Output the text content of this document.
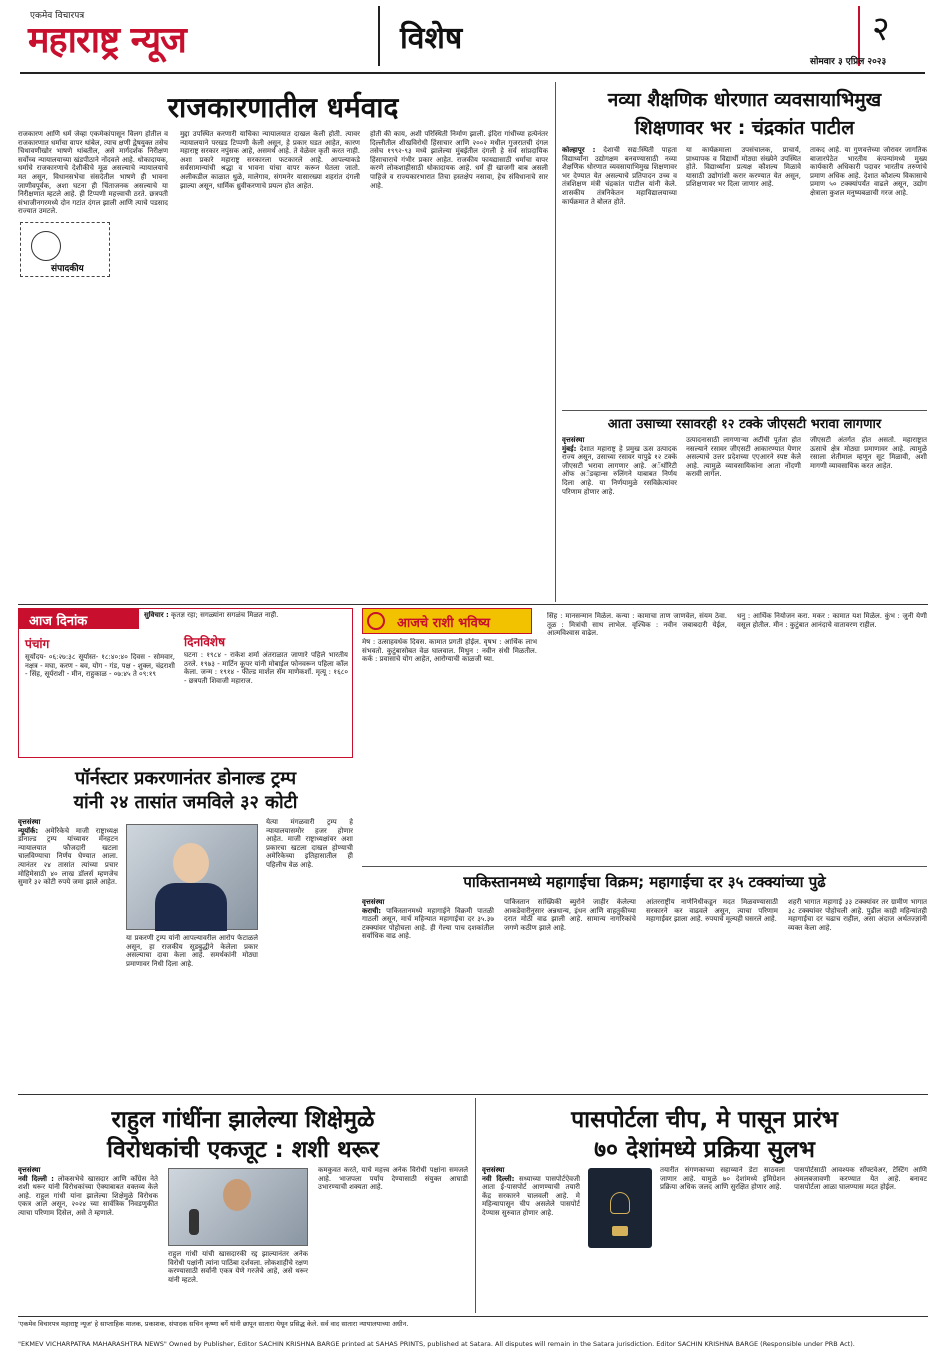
एकमेव विचारपत्र
महाराष्ट्र न्यूज	विशेष	२
सोमवार ३ एप्रिल २०२३
राजकारणातील धर्मवाद
राजकारण आणि धर्म जेव्हा एकमेकांपासून विलग होतील व राजकारणात धर्माचा वापर थांबेल, त्याच क्षणी द्वेषयुक्त तसेच चिथावणीखोर भाषणे थांबतील, असे मार्गदर्शक निरीक्षण सर्वोच्च न्यायालयाच्या खंडपीठाने नोंदवले आहे. धोकादायक, धर्माचे राजकारणाचे देशीकीचे मूळ असल्याचे न्यायालयाचे मत असून, विधानसभेचा संसदेतील भाषणे ही भावना जाणीवपूर्वक, अशा घटना ही चिंताजनक असल्याचे या निरीक्षणात म्हटले आहे. ही टिप्पणी महत्त्वाची ठरते. छत्रपती संभाजीनगरमध्ये दोन गटांत दंगल झाली आणि त्याचे पडसाद राज्यात उमटले.
संपादकीय
मुद्दा उपस्थित करणारी याचिका न्यायालयात दाखल केली होती. त्यावर न्यायालयाने परखड टिप्पणी केली असून, हे प्रकार घडत आहेत, कारण महाराष्ट्र सरकार नपुंसक आहे, असमर्थ आहे. ते वेळेवर कृती करत नाही. अशा प्रकारे महाराष्ट्र सरकारला फटकारले आहे. आपल्याकडे सर्वसामान्यांची श्रद्धा व भावना यांचा वापर करून घेतला जातो. अलीकडील काळात धुळे, मालेगाव, संगमनेर यासारख्या शहरांत दंगली झाल्या असून, धार्मिक ध्रुवीकरणाचे प्रयत्न होत आहेत.
होती की काय, अशी परिस्थिती निर्माण झाली. इंदिरा गांधींच्या हत्येनंतर दिल्लीतील शीखविरोधी हिंसाचार आणि २००२ मधील गुजरातची दंगल तसेच १९९२-९३ मध्ये झालेल्या मुंबईतील दंगली हे सर्व सांप्रदायिक हिंसाचाराचे गंभीर प्रकार आहेत. राजकीय फायद्यासाठी धर्माचा वापर करणे लोकशाहीसाठी धोकादायक आहे. धर्म ही खाजगी बाब असली पाहिजे व राज्यकारभारात तिचा हस्तक्षेप नसावा, हेच संविधानाचे सार आहे.
नव्या शैक्षणिक धोरणात व्यवसायाभिमुख
शिक्षणावर भर : चंद्रकांत पाटील
कोल्हापूर : देशाची सद्य:स्थिती पाहता विद्यार्थ्यांना उद्योगक्षम बनवण्यासाठी नव्या शैक्षणिक धोरणात व्यवसायाभिमुख शिक्षणावर भर देण्यात येत असल्याचे प्रतिपादन उच्च व तंत्रशिक्षण मंत्री चंद्रकांत पाटील यांनी केले. शासकीय तंत्रनिकेतन महाविद्यालयाच्या कार्यक्रमात ते बोलत होते.
या कार्यक्रमाला उपसंचालक, प्राचार्य, प्राध्यापक व विद्यार्थी मोठ्या संख्येने उपस्थित होते. विद्यार्थ्यांना प्रत्यक्ष कौशल्य मिळावे यासाठी उद्योगांशी करार करण्यात येत असून, प्रशिक्षणावर भर दिला जाणार आहे.
ताकद आहे. या गुणवत्तेच्या जोरावर जागतिक बाजारपेठेत भारतीय कंपन्यांमध्ये मुख्य कार्यकारी अधिकारी पदावर भारतीय तरुणांचे प्रमाण अधिक आहे. देशात कौशल्य विकासाचे प्रमाण ५० टक्क्यांपर्यंत वाढले असून, उद्योग क्षेत्राला कुशल मनुष्यबळाची गरज आहे.
आता उसाच्या रसावरही १२ टक्के जीएसटी भरावा लागणार
वृत्तसंस्था
मुंबई: देशात महाराष्ट्र हे प्रमुख ऊस उत्पादक राज्य असून, उसाच्या रसावर यापुढे १२ टक्के जीएसटी भरावा लागणार आहे. अॅथॉरिटी ऑफ अॅडव्हान्स रुलिंगने याबाबत निर्णय दिला आहे. या निर्णयामुळे रसविक्रेत्यांवर परिणाम होणार आहे.
उत्पादनासाठी लागणाऱ्या अटींची पूर्तता होत नसल्याने रसावर जीएसटी आकारण्यात येणार असल्याचे उत्तर प्रदेशच्या एएआरने स्पष्ट केले आहे. त्यामुळे व्यावसायिकांना आता नोंदणी करावी लागेल.
जीएसटी अंतर्गत होत असतो. महाराष्ट्रात ऊसाचे क्षेत्र मोठ्या प्रमाणावर आहे. त्यामुळे रसाला शेतीमाल म्हणून सूट मिळावी, अशी मागणी व्यावसायिक करत आहेत.
आज दिनांक	सुविचार : कृतज्ञ रहा; सगळ्यांना सगळंच मिळत नाही.
पंचांग
सूर्योदय- ०६:२७:३८ सूर्यास्त- १८:४०:४० दिवस - सोमवार, नक्षत्र - मघा, करण - बव, योग - गंड, पक्ष - शुक्ल, चंद्रराशी - सिंह, सूर्यराशी - मीन, राहुकाळ - ०७:४५ ते ०९:१९
दिनविशेष
घटना : १९८४ - राकेश शर्मा अंतराळात जाणारे पहिले भारतीय ठरले. १९७३ - मार्टिन कूपर यांनी मोबाईल फोनवरून पहिला कॉल केला. जन्म : १९१४ - फील्ड मार्शल सॅम माणेकशॉ. मृत्यू : १६८० - छत्रपती शिवाजी महाराज.
आजचे राशी भविष्य
मेष : उत्साहवर्धक दिवस. कामात प्रगती होईल. वृषभ : आर्थिक लाभ संभवतो. कुटुंबासोबत वेळ घालवाल. मिथुन : नवीन संधी मिळतील. कर्क : प्रवासाचे योग आहेत, आरोग्याची काळजी घ्या.
सिंह : मानसन्मान मिळेल. कन्या : कामाचा ताण जाणवेल, संयम ठेवा. तूळ : मित्रांची साथ लाभेल. वृश्चिक : नवीन जबाबदारी येईल, आत्मविश्वास वाढेल.
धनु : आर्थिक नियोजन करा. मकर : कामात यश मिळेल. कुंभ : जुनी येणी वसूल होतील. मीन : कुटुंबात आनंदाचे वातावरण राहील.
पॉर्नस्टार प्रकरणानंतर डोनाल्ड ट्रम्प
यांनी २४ तासांत जमविले ३२ कोटी
वृत्तसंस्था
न्यूयॉर्क: अमेरिकेचे माजी राष्ट्राध्यक्ष डोनाल्ड ट्रम्प यांच्यावर मॅनहटन न्यायालयात फौजदारी खटला चालविण्याचा निर्णय घेण्यात आला. त्यानंतर २४ तासांत त्यांच्या प्रचार मोहिमेसाठी ४० लाख डॉलर्स म्हणजेच सुमारे ३२ कोटी रुपये जमा झाले आहेत.
या प्रकरणी ट्रम्प यांनी आपल्यावरील आरोप फेटाळले असून, हा राजकीय सूडबुद्धीने केलेला प्रकार असल्याचा दावा केला आहे. समर्थकांनी मोठ्या प्रमाणावर निधी दिला आहे.
येत्या मंगळवारी ट्रम्प हे न्यायालयासमोर हजर होणार आहेत. माजी राष्ट्राध्यक्षांवर अशा प्रकारचा खटला दाखल होण्याची अमेरिकेच्या इतिहासातील ही पहिलीच वेळ आहे.
पाकिस्तानमध्ये महागाईचा विक्रम; महागाईचा दर ३५ टक्क्यांच्या पुढे
वृत्तसंस्था
कराची: पाकिस्तानमध्ये महागाईने विक्रमी पातळी गाठली असून, मार्च महिन्यात महागाईचा दर ३५.३७ टक्क्यांवर पोहोचला आहे. ही गेल्या पाच दशकांतील सर्वाधिक वाढ आहे.
पाकिस्तान सांख्यिकी ब्युरोने जाहीर केलेल्या आकडेवारीनुसार अन्नधान्य, इंधन आणि वाहतुकीच्या दरात मोठी वाढ झाली आहे. सामान्य नागरिकांचे जगणे कठीण झाले आहे.
आंतरराष्ट्रीय नाणेनिधीकडून मदत मिळवण्यासाठी सरकारने कर वाढवले असून, त्याचा परिणाम महागाईवर झाला आहे. रुपयाचे मूल्यही घसरले आहे.
शहरी भागात महागाई ३३ टक्क्यांवर तर ग्रामीण भागात ३८ टक्क्यांवर पोहोचली आहे. पुढील काही महिन्यांतही महागाईचा दर चढाच राहील, असा अंदाज अर्थतज्ज्ञांनी व्यक्त केला आहे.
राहुल गांधींना झालेल्या शिक्षेमुळे
विरोधकांची एकजूट : शशी थरूर
वृत्तसंस्था
नवी दिल्ली : लोकसभेचे खासदार आणि काँग्रेस नेते शशी थरूर यांनी विरोधकांच्या ऐक्याबाबत वक्तव्य केले आहे. राहुल गांधी यांना झालेल्या शिक्षेमुळे विरोधक एकत्र आले असून, २०२४ च्या सार्वत्रिक निवडणुकीत त्याचा परिणाम दिसेल, असे ते म्हणाले.
राहुल गांधी यांची खासदारकी रद्द झाल्यानंतर अनेक विरोधी पक्षांनी त्यांना पाठिंबा दर्शवला. लोकशाहीचे रक्षण करण्यासाठी सर्वांनी एकत्र येणे गरजेचे आहे, असे थरूर यांनी म्हटले.
कमकुवत करते, याचे महत्त्व अनेक विरोधी पक्षांना समजले आहे. भाजपला पर्याय देण्यासाठी संयुक्त आघाडी उभारण्याची शक्यता आहे.
पासपोर्टला चीप, मे पासून प्रारंभ
७० देशांमध्ये प्रक्रिया सुलभ
वृत्तसंस्था
नवी दिल्ली: सध्याच्या पासपोर्टऐवजी आता ई-पासपोर्ट आणण्याची तयारी केंद्र सरकारने चालवली आहे. मे महिन्यापासून चीप असलेले पासपोर्ट देण्यास सुरुवात होणार आहे.
तयारीत संगणकाच्या सहाय्याने डेटा साठवला जाणार आहे. यामुळे ७० देशांमध्ये इमिग्रेशन प्रक्रिया अधिक जलद आणि सुरक्षित होणार आहे.
पासपोर्टसाठी आवश्यक सॉफ्टवेअर, टेस्टिंग आणि अंमलबजावणी करण्यात येत आहे. बनावट पासपोर्टला आळा घालण्यास मदत होईल.
'एकमेव विचारपत्र महाराष्ट्र न्यूज' हे साप्ताहिक मालक, प्रकाशक, संपादक सचिन कृष्णा बर्गे यांनी छापून सातारा येथून प्रसिद्ध केले. सर्व वाद सातारा न्यायालयाच्या अधीन.
"EKMEV VICHARPATRA MAHARASHTRA NEWS" Owned by Publisher, Editor SACHIN KRISHNA BARGE printed at SAHAS PRINTS, published at Satara. All disputes will remain in the Satara jurisdiction. Editor SACHIN KRISHNA BARGE (Responsible under PRB Act).
